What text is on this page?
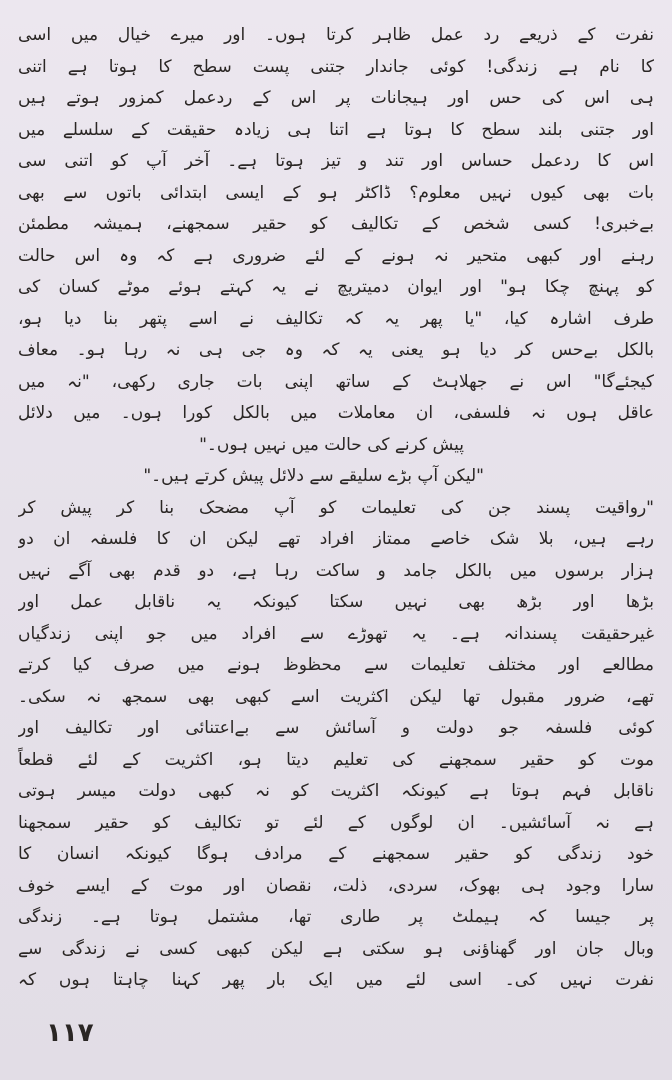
نفرت کے ذریعے رد عمل ظاہر کرتا ہوں۔ اور میرے خیال میں اسی
کا نام ہے زندگی! کوئی جاندار جتنی پست سطح کا ہوتا ہے اتنی
ہی اس کی حس اور ہیجانات پر اس کے ردعمل کمزور ہوتے ہیں
اور جتنی بلند سطح کا ہوتا ہے اتنا ہی زیادہ حقیقت کے سلسلے میں
اس کا ردعمل حساس اور تند و تیز ہوتا ہے۔ آخر آپ کو اتنی سی
بات بھی کیوں نہیں معلوم؟ ڈاکٹر ہو کے ایسی ابتدائی باتوں سے بھی
بےخبری! کسی شخص کے تکالیف کو حقیر سمجھنے، ہمیشہ مطمئن
رہنے اور کبھی متحیر نہ ہونے کے لئے ضروری ہے کہ وہ اس حالت
کو پہنچ چکا ہو" اور ایوان دمیتریچ نے یہ کہتے ہوئے موٹے کسان کی
طرف اشارہ کیا، "یا پھر یہ کہ تکالیف نے اسے پتھر بنا دیا ہو،
بالکل بےحس کر دیا ہو یعنی یہ کہ وہ جی ہی نہ رہا ہو۔ معاف
کیجئےگا" اس نے جھلاہٹ کے ساتھ اپنی بات جاری رکھی، "نہ میں
عاقل ہوں نہ فلسفی، ان معاملات میں بالکل کورا ہوں۔ میں دلائل
پیش کرنے کی حالت میں نہیں ہوں۔"
"لیکن آپ بڑے سلیقے سے دلائل پیش کرتے ہیں۔"
"رواقیت پسند جن کی تعلیمات کو آپ مضحک بنا کر پیش کر
رہے ہیں، بلا شک خاصے ممتاز افراد تھے لیکن ان کا فلسفہ ان دو
ہزار برسوں میں بالکل جامد و ساکت رہا ہے، دو قدم بھی آگے نہیں
بڑھا اور بڑھ بھی نہیں سکتا کیونکہ یہ ناقابل عمل اور
غیرحقیقت پسندانہ ہے۔ یہ تھوڑے سے افراد میں جو اپنی زندگیاں
مطالعے اور مختلف تعلیمات سے محظوظ ہونے میں صرف کیا کرتے
تھے، ضرور مقبول تھا لیکن اکثریت اسے کبھی بھی سمجھ نہ سکی۔
کوئی فلسفہ جو دولت و آسائش سے بےاعتنائی اور تکالیف اور
موت کو حقیر سمجھنے کی تعلیم دیتا ہو، اکثریت کے لئے قطعاً
ناقابل فہم ہوتا ہے کیونکہ اکثریت کو نہ کبھی دولت میسر ہوتی
ہے نہ آسائشیں۔ ان لوگوں کے لئے تو تکالیف کو حقیر سمجھنا
خود زندگی کو حقیر سمجھنے کے مرادف ہوگا کیونکہ انسان کا
سارا وجود ہی بھوک، سردی، ذلت، نقصان اور موت کے ایسے خوف
پر جیسا کہ ہیملٹ پر طاری تھا، مشتمل ہوتا ہے۔ زندگی
وبال جان اور گھناؤنی ہو سکتی ہے لیکن کبھی کسی نے زندگی سے
نفرت نہیں کی۔ اسی لئے میں ایک بار پھر کہنا چاہتا ہوں کہ
١١٧
